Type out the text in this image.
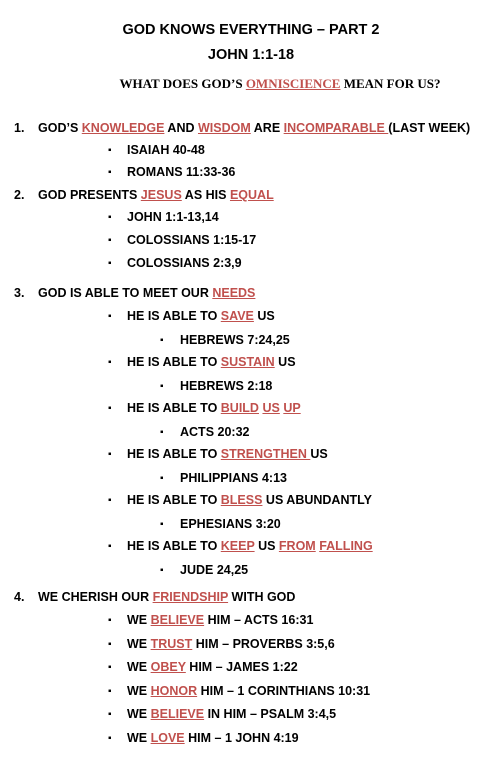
GOD KNOWS EVERYTHING – PART 2
JOHN 1:1-18
WHAT DOES GOD’S OMNISCIENCE MEAN FOR US?
1. GOD’S KNOWLEDGE AND WISDOM ARE INCOMPARABLE (LAST WEEK)
▪ ISAIAH 40-48
▪ ROMANS 11:33-36
2. GOD PRESENTS JESUS AS HIS EQUAL
▪ JOHN 1:1-13,14
▪ COLOSSIANS 1:15-17
▪ COLOSSIANS 2:3,9
3. GOD IS ABLE TO MEET OUR NEEDS
▪ HE IS ABLE TO SAVE US
▪ HEBREWS 7:24,25
▪ HE IS ABLE TO SUSTAIN US
▪ HEBREWS 2:18
▪ HE IS ABLE TO BUILD US UP
▪ ACTS 20:32
▪ HE IS ABLE TO STRENGTHEN US
▪ PHILIPPIANS 4:13
▪ HE IS ABLE TO BLESS US ABUNDANTLY
▪ EPHESIANS 3:20
▪ HE IS ABLE TO KEEP US FROM FALLING
▪ JUDE 24,25
4. WE CHERISH OUR FRIENDSHIP WITH GOD
▪ WE BELIEVE HIM – ACTS 16:31
▪ WE TRUST HIM – PROVERBS 3:5,6
▪ WE OBEY HIM – JAMES 1:22
▪ WE HONOR HIM – 1 CORINTHIANS 10:31
▪ WE BELIEVE IN HIM – PSALM 3:4,5
▪ WE LOVE HIM – 1 JOHN 4:19
